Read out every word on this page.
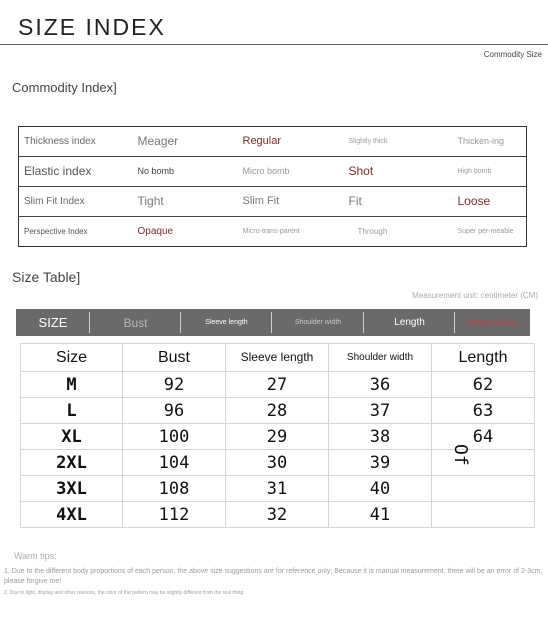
SIZE INDEX
Commodity Size
Commodity Index]
Thickness index	Meager	Regular	Slightly thick	Thicken-ing
Elastic index	No bomb	Micro bomb	Shot	High bomb
Slim Fit Index	Tight	Slim Fit	Fit	Loose
Perspective Index	Opaque	Micro-trans-parent	Through	Super per-meable
Size Table]
Measurement unit: centimeter (CM)
SIZE	Bust	Sleeve length	Shoulder width	Length	Weight Advice
Size	Bust	Sleeve length	Shoulder width	Length
M	92	27	36	62
L	96	28	37	63
XL	100	29	38	64
2XL	104	30	39	
3XL	108	31	40	
4XL	112	32	41	
Of
Warm tips:
1. Due to the different body proportions of each person, the above size suggestions are for reference only; Because it is manual measurement, there will be an error of 2-3cm, please forgive me!
2. Due to light, display and other reasons, the color of the pattern may be slightly different from the real thing.
